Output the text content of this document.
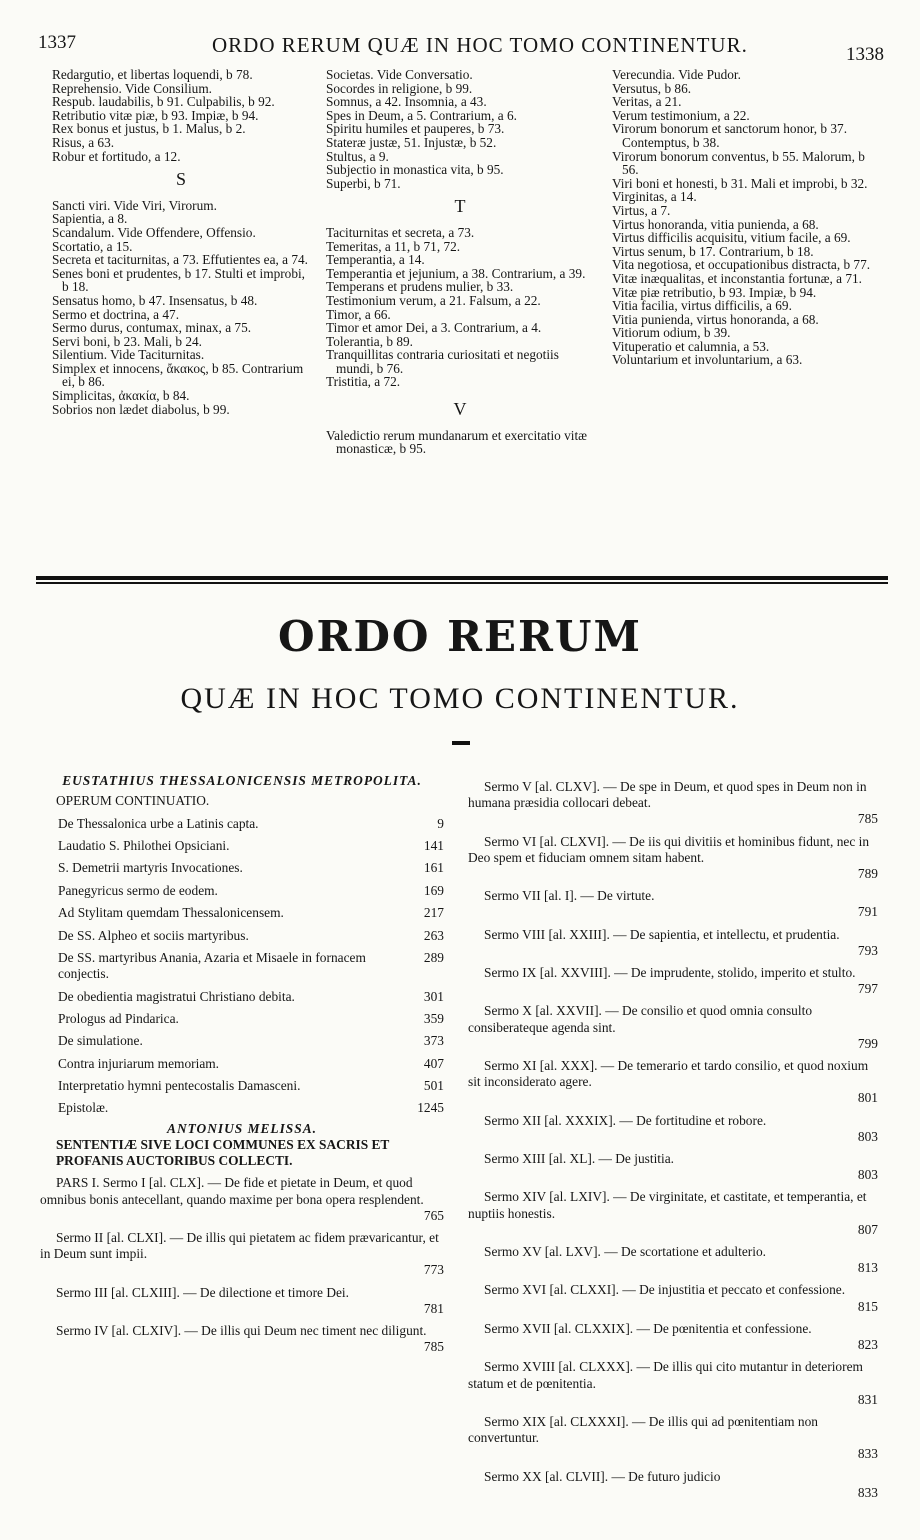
1337	ORDO RERUM QUÆ IN HOC TOMO CONTINENTUR.	1338
Redargutio, et libertas loquendi, b 78.
Reprehensio. Vide Consilium.
Respub. laudabilis, b 91. Culpabilis, b 92.
Retributio vitæ piæ, b 93. Impiæ, b 94.
Rex bonus et justus, b 1. Malus, b 2.
Risus, a 63.
Robur et fortitudo, a 12.
S
Sancti viri. Vide Viri, Virorum.
Sapientia, a 8.
Scandalum. Vide Offendere, Offensio.
Scortatio, a 15.
Secreta et taciturnitas, a 73. Effutientes ea, a 74.
Senes boni et prudentes, b 17. Stulti et improbi, b 18.
Sensatus homo, b 47. Insensatus, b 48.
Sermo et doctrina, a 47.
Sermo durus, contumax, minax, a 75.
Servi boni, b 23. Mali, b 24.
Silentium. Vide Taciturnitas.
Simplex et innocens, ἄκακος, b 85. Contrarium ei, b 86.
Simplicitas, ἀκακία, b 84.
Sobrios non lædet diabolus, b 99.
Societas. Vide Conversatio.
Socordes in religione, b 99.
Somnus, a 42. Insomnia, a 43.
Spes in Deum, a 5. Contrarium, a 6.
Spiritu humiles et pauperes, b 73.
Stateræ justæ, 51. Injustæ, b 52.
Stultus, a 9.
Subjectio in monastica vita, b 95.
Superbi, b 71.
T
Taciturnitas et secreta, a 73.
Temeritas, a 11, b 71, 72.
Temperantia, a 14.
Temperantia et jejunium, a 38. Contrarium, a 39.
Temperans et prudens mulier, b 33.
Testimonium verum, a 21. Falsum, a 22.
Timor, a 66.
Timor et amor Dei, a 3. Contrarium, a 4.
Tolerantia, b 89.
Tranquillitas contraria curiositati et negotiis mundi, b 76.
Tristitia, a 72.
V
Valedictio rerum mundanarum et exercitatio vitæ monasticæ, b 95.
Verecundia. Vide Pudor.
Versutus, b 86.
Veritas, a 21.
Verum testimonium, a 22.
Virorum bonorum et sanctorum honor, b 37. Contemptus, b 38.
Virorum bonorum conventus, b 55. Malorum, b 56.
Viri boni et honesti, b 31. Mali et improbi, b 32.
Virginitas, a 14.
Virtus, a 7.
Virtus honoranda, vitia punienda, a 68.
Virtus difficilis acquisitu, vitium facile, a 69.
Virtus senum, b 17. Contrarium, b 18.
Vita negotiosa, et occupationibus distracta, b 77.
Vitæ inæqualitas, et inconstantia fortunæ, a 71.
Vitæ piæ retributio, b 93. Impiæ, b 94.
Vitia facilia, virtus difficilis, a 69.
Vitia punienda, virtus honoranda, a 68.
Vitiorum odium, b 39.
Vituperatio et calumnia, a 53.
Voluntarium et involuntarium, a 63.
ORDO RERUM
QUÆ IN HOC TOMO CONTINENTUR.
EUSTATHIUS THESSALONICENSIS METROPOLITA.
OPERUM CONTINUATIO.
De Thessalonica urbe a Latinis capta.	9
Laudatio S. Philothei Opsiciani.	141
S. Demetrii martyris Invocationes.	161
Panegyricus sermo de eodem.	169
Ad Stylitam quemdam Thessalonicensem.	217
De SS. Alpheo et sociis martyribus.	263
De SS. martyribus Anania, Azaria et Misaele in fornacem conjectis.
289
De obedientia magistratui Christiano debita.	301
Prologus ad Pindarica.	359
De simulatione.	373
Contra injuriarum memoriam.	407
Interpretatio hymni pentecostalis Damasceni.	501
Epistolæ.	1245
ANTONIUS MELISSA.
SENTENTIÆ SIVE LOCI COMMUNES EX SACRIS ET PROFANIS AUCTORIBUS COLLECTI.
PARS I. Sermo I [al. CLX]. — De fide et pietate in Deum, et quod omnibus bonis antecellant, quando maxime per bona opera resplendent.
765
Sermo II [al. CLXI]. — De illis qui pietatem ac fidem prævaricantur, et in Deum sunt impii.
773
Sermo III [al. CLXIII]. — De dilectione et timore Dei.
781
Sermo IV [al. CLXIV]. — De illis qui Deum nec timent nec diligunt.
785
Sermo V [al. CLXV]. — De spe in Deum, et quod spes in Deum non in humana præsidia collocari debeat.
785
Sermo VI [al. CLXVI]. — De iis qui divitiis et hominibus fidunt, nec in Deo spem et fiduciam omnem sitam habent.
789
Sermo VII [al. I]. — De virtute.
791
Sermo VIII [al. XXIII]. — De sapientia, et intellectu, et prudentia.
793
Sermo IX [al. XXVIII]. — De imprudente, stolido, imperito et stulto.
797
Sermo X [al. XXVII]. — De consilio et quod omnia consulto consiberateque agenda sint.
799
Sermo XI [al. XXX]. — De temerario et tardo consilio, et quod noxium sit inconsiderato agere.
801
Sermo XII [al. XXXIX]. — De fortitudine et robore.
803
Sermo XIII [al. XL]. — De justitia.
803
Sermo XIV [al. LXIV]. — De virginitate, et castitate, et temperantia, et nuptiis honestis.
807
Sermo XV [al. LXV]. — De scortatione et adulterio.
813
Sermo XVI [al. CLXXI]. — De injustitia et peccato et confessione.
815
Sermo XVII [al. CLXXIX]. — De pœnitentia et confessione.
823
Sermo XVIII [al. CLXXX]. — De illis qui cito mutantur in deteriorem statum et de pœnitentia.
831
Sermo XIX [al. CLXXXI]. — De illis qui ad pœnitentiam non convertuntur.
833
Sermo XX [al. CLVII]. — De futuro judicio
833
